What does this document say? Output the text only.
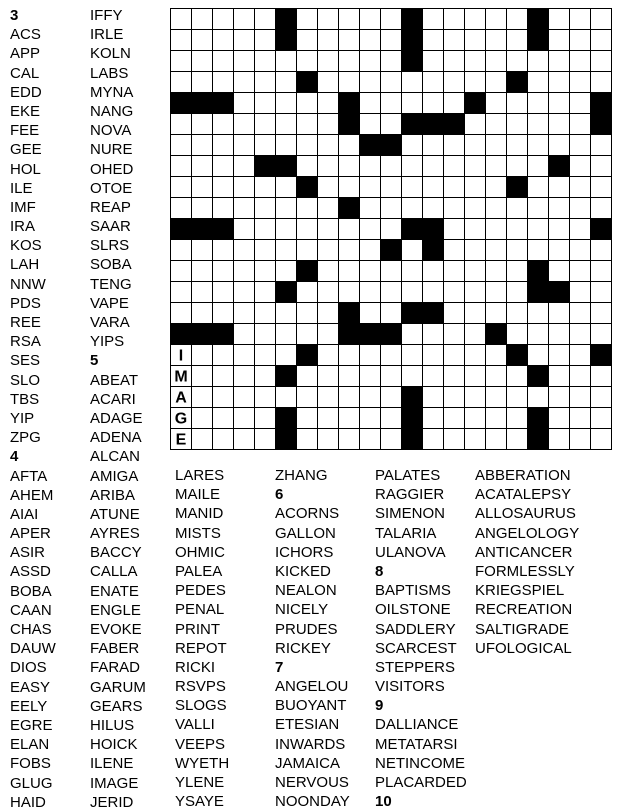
3
ACS
APP
CAL
EDD
EKE
FEE
GEE
HOL
ILE
IMF
IRA
KOS
LAH
NNW
PDS
REE
RSA
SES
SLO
TBS
YIP
ZPG
4
AFTA
AHEM
AIAI
APER
ASIR
ASSD
BOBA
CAAN
CHAS
DAUW
DIOS
EASY
EELY
EGRE
ELAN
FOBS
GLUG
HAID
IFFY
IRLE
KOLN
LABS
MYNA
NANG
NOVA
NURE
OHED
OTOE
REAP
SAAR
SLRS
SOBA
TENG
VAPE
VARA
YIPS
5
ABEAT
ACARI
ADAGE
ADENA
ALCAN
AMIGA
ARIBA
ATUNE
AYRES
BACCY
CALLA
ENATE
ENGLE
EVOKE
FABER
FARAD
GARUM
GEARS
HILUS
HOICK
ILENE
IMAGE
JERID
LARES
MAILE
MANID
MISTS
OHMIC
PALEA
PEDES
PENAL
PRINT
REPOT
RICKI
RSVPS
SLOGS
VALLI
VEEPS
WYETH
YLENE
YSAYE
ZHANG
6
ACORNS
GALLON
ICHORS
KICKED
NEALON
NICELY
PRUDES
RICKEY
7
ANGELOU
BUOYANT
ETESIAN
INWARDS
JAMAICA
NERVOUS
NOONDAY
PALATES
RAGGIER
SIMENON
TALARIA
ULANOVA
8
BAPTISMS
OILSTONE
SADDLERY
SCARCEST
STEPPERS
VISITORS
9
DALLIANCE
METATARSI
NETINCOME
PLACARDED
10
ABBERATION
ACATALEPSY
ALLOSAURUS
ANGELOLOGY
ANTICANCER
FORMLESSLY
KRIEGSPIEL
RECREATION
SALTIGRADE
UFOLOGICAL
I
M
A
G
E
